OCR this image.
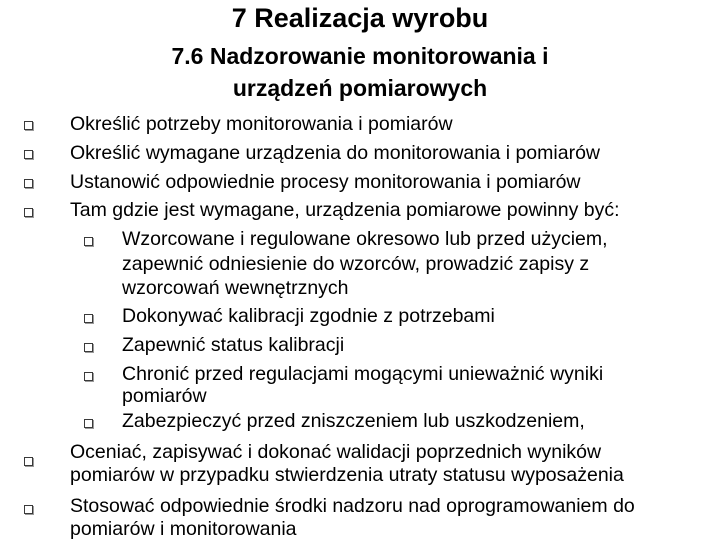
7 Realizacja wyrobu
7.6 Nadzorowanie monitorowania i
urządzeń pomiarowych
Określić potrzeby monitorowania i pomiarów
Określić wymagane urządzenia do monitorowania i pomiarów
Ustanowić odpowiednie procesy monitorowania i pomiarów
Tam gdzie jest wymagane, urządzenia pomiarowe powinny być:
Wzorcowane i regulowane okresowo lub przed użyciem,
zapewnić odniesienie do wzorców, prowadzić zapisy z
wzorcowań wewnętrznych
Dokonywać kalibracji zgodnie z potrzebami
Zapewnić status kalibracji
Chronić przed regulacjami mogącymi unieważnić wyniki
pomiarów
Zabezpieczyć przed zniszczeniem lub uszkodzeniem,
Oceniać, zapisywać i dokonać walidacji poprzednich wyników
pomiarów w przypadku stwierdzenia utraty statusu wyposażenia
Stosować odpowiednie środki nadzoru nad oprogramowaniem do
pomiarów i monitorowania
